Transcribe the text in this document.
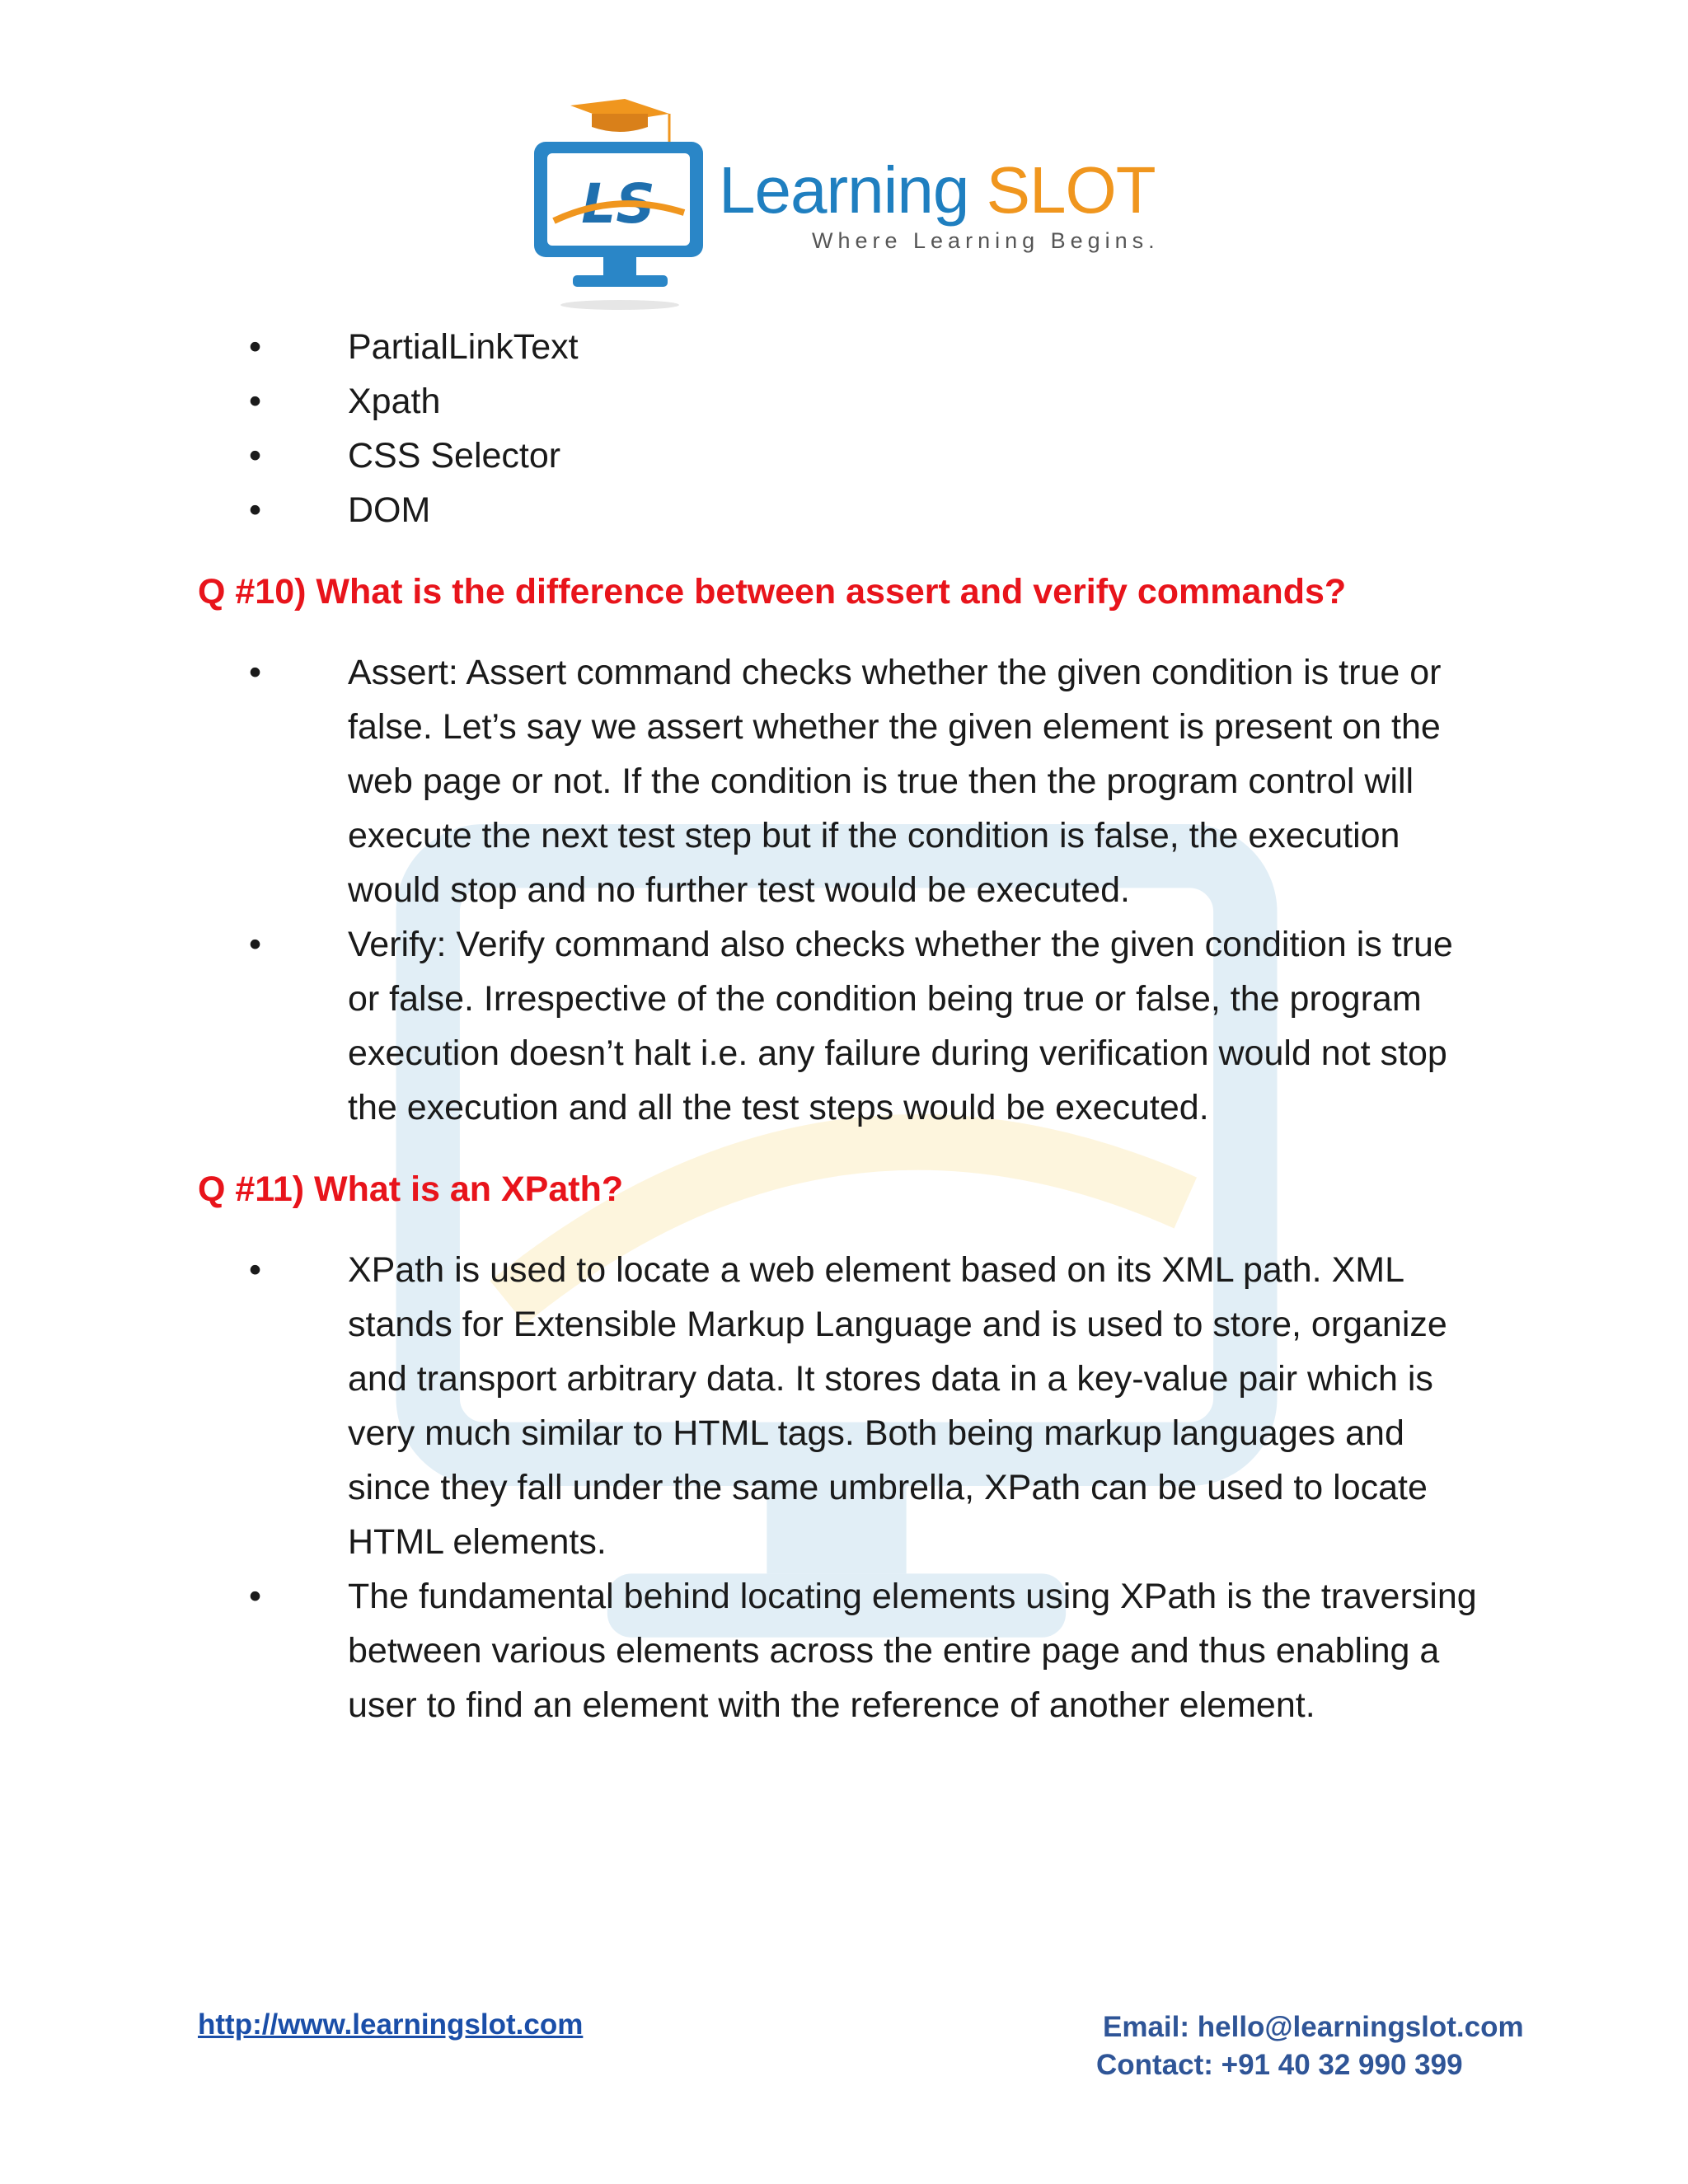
LS Learning SLOT
Where Learning Begins.
• PartialLinkText
• Xpath
• CSS Selector
• DOM
Q #10) What is the difference between assert and verify commands?
• Assert: Assert command checks whether the given condition is true or false. Let’s say we assert whether the given element is present on the web page or not. If the condition is true then the program control will execute the next test step but if the condition is false, the execution would stop and no further test would be executed.
• Verify: Verify command also checks whether the given condition is true or false. Irrespective of the condition being true or false, the program execution doesn’t halt i.e. any failure during verification would not stop the execution and all the test steps would be executed.
Q #11) What is an XPath?
• XPath is used to locate a web element based on its XML path. XML stands for Extensible Markup Language and is used to store, organize and transport arbitrary data. It stores data in a key-value pair which is very much similar to HTML tags. Both being markup languages and since they fall under the same umbrella, XPath can be used to locate HTML elements.
• The fundamental behind locating elements using XPath is the traversing between various elements across the entire page and thus enabling a user to find an element with the reference of another element.
http://www.learningslot.com	Email: hello@learningslot.com
Contact: +91 40 32 990 399
